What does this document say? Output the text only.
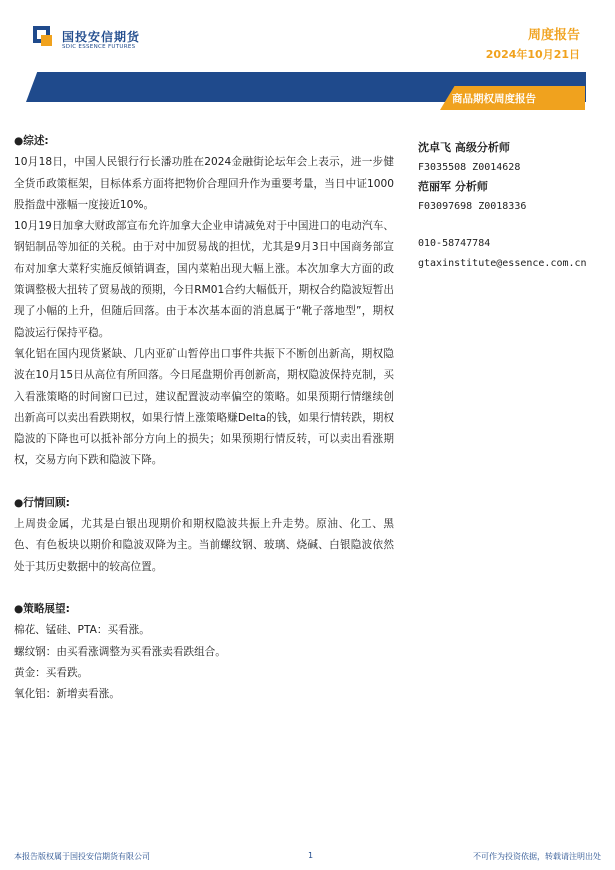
国投安信期货
SDIC ESSENCE FUTURES
周度报告
2024年10月21日
商品期权周度报告

●综述:

10月18日，中国人民银行行长潘功胜在2024金融街论坛年会上表示，进一步健全货币政策框架，目标体系方面将把物价合理回升作为重要考量，当日中证1000股指盘中涨幅一度接近10%。

10月19日加拿大财政部宣布允许加拿大企业申请减免对于中国进口的电动汽车、钢铝制品等加征的关税。由于对中加贸易战的担忧，尤其是9月3日中国商务部宣布对加拿大菜籽实施反倾销调查，国内菜粕出现大幅上涨。本次加拿大方面的政策调整极大扭转了贸易战的预期，今日RM01合约大幅低开，期权合约隐波短暂出现了小幅的上升，但随后回落。由于本次基本面的消息属于“靴子落地型”，期权隐波运行保持平稳。

氧化铝在国内现货紧缺、几内亚矿山暂停出口事件共振下不断创出新高，期权隐波在10月15日从高位有所回落。今日尾盘期价再创新高，期权隐波保持克制，买入看涨策略的时间窗口已过，建议配置波动率偏空的策略。如果预期行情继续创出新高可以卖出看跌期权，如果行情上涨策略赚Delta的钱，如果行情转跌，期权隐波的下降也可以抵补部分方向上的损失；如果预期行情反转，可以卖出看涨期权，交易方向下跌和隐波下降。

●行情回顾:

上周贵金属，尤其是白银出现期价和期权隐波共振上升走势。原油、化工、黑色、有色板块以期价和隐波双降为主。当前螺纹钢、玻璃、烧碱、白银隐波依然处于其历史数据中的较高位置。

●策略展望:

棉花、锰硅、PTA：买看涨。

螺纹钢：由买看涨调整为买看涨卖看跌组合。

黄金：买看跌。

氧化铝：新增卖看涨。

沈卓飞 高级分析师
F3035508 Z0014628
范丽军 分析师
F03097698 Z0018336
010-58747784
gtaxinstitute@essence.com.cn
本报告版权属于国投安信期货有限公司	1	不可作为投资依据，转载请注明出处
